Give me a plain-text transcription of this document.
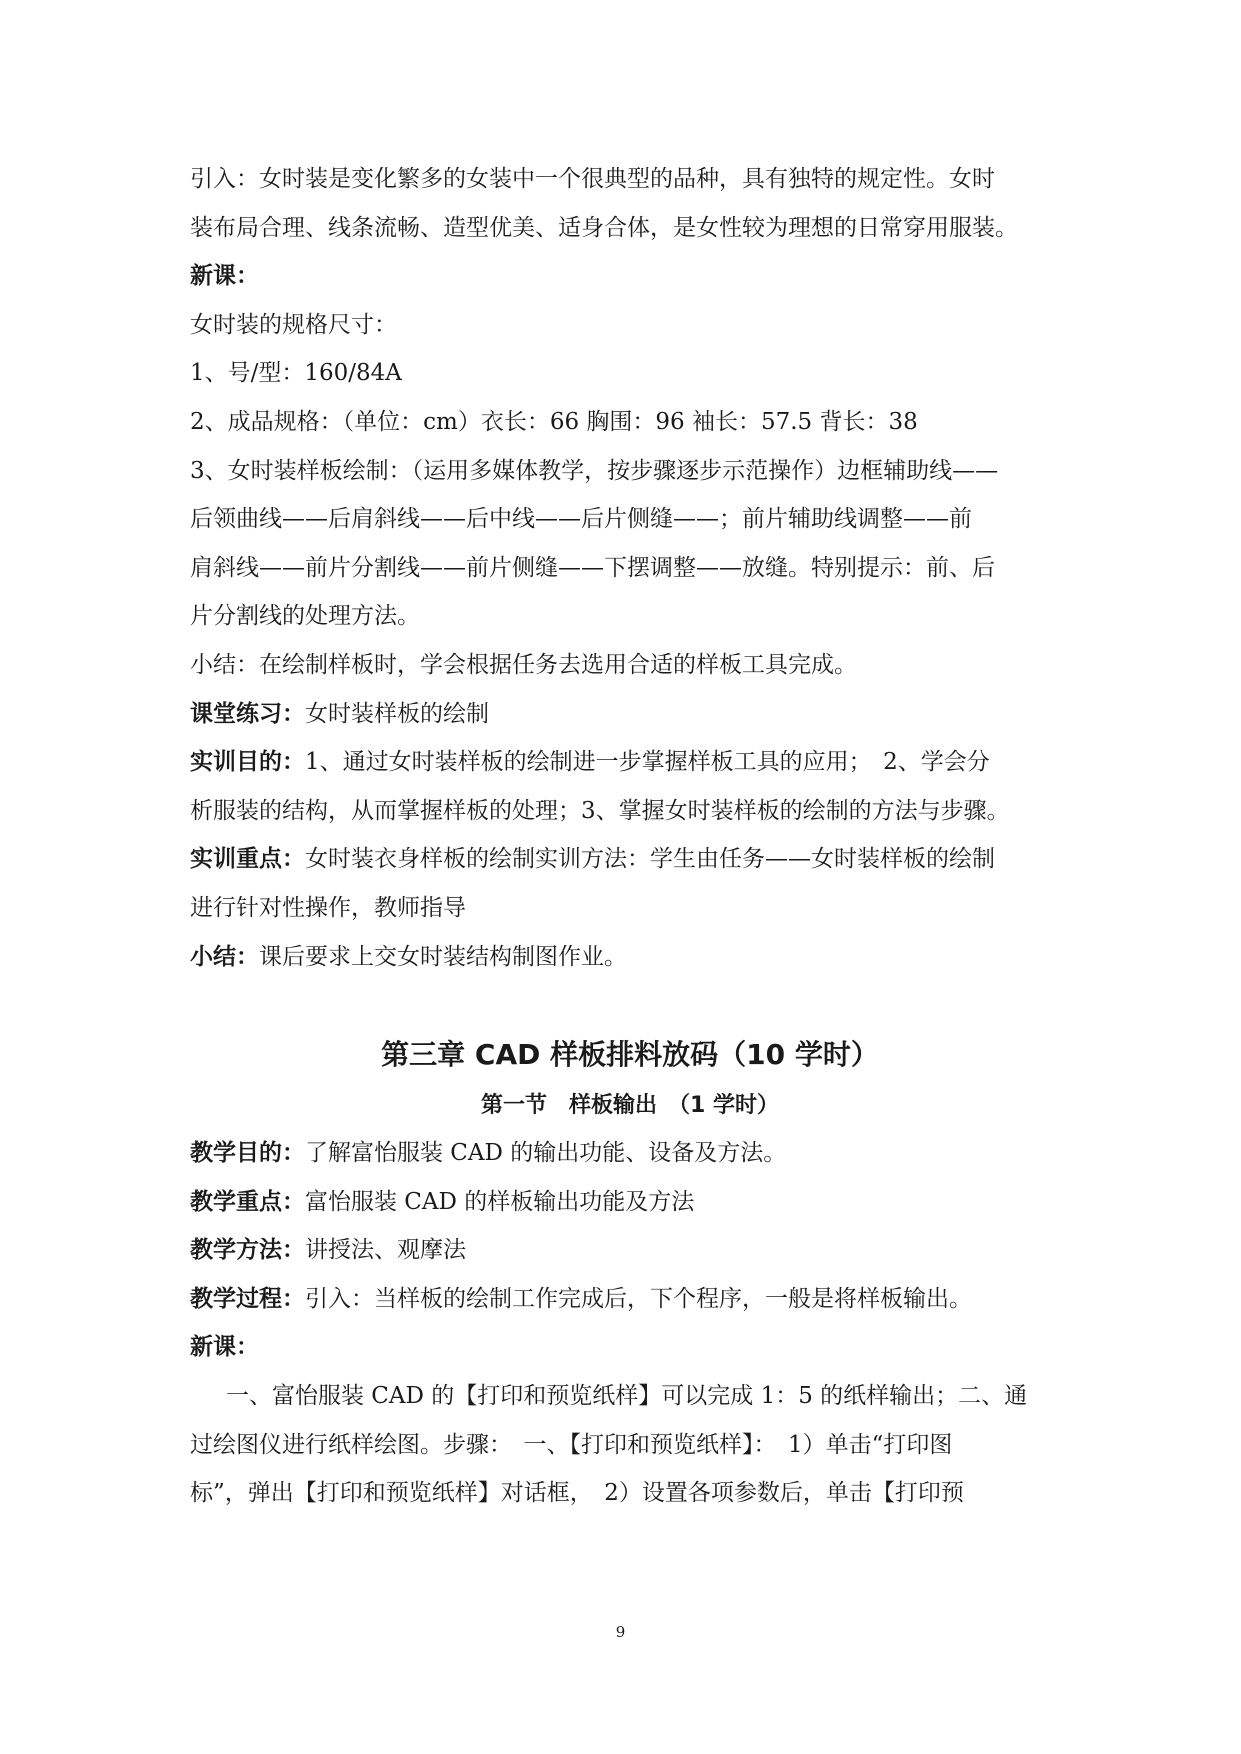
引入：女时装是变化繁多的女装中一个很典型的品种，具有独特的规定性。女时

装布局合理、线条流畅、造型优美、适身合体，是女性较为理想的日常穿用服装。

新课：

女时装的规格尺寸：

1、号/型：160/84A

2、成品规格：（单位：cm）衣长：66 胸围：96 袖长：57.5 背长：38

3、女时装样板绘制：（运用多媒体教学，按步骤逐步示范操作）边框辅助线——

后领曲线——后肩斜线——后中线——后片侧缝——；前片辅助线调整——前

肩斜线——前片分割线——前片侧缝——下摆调整——放缝。特别提示：前、后

片分割线的处理方法。

小结：在绘制样板时，学会根据任务去选用合适的样板工具完成。

课堂练习：女时装样板的绘制

实训目的：1、通过女时装样板的绘制进一步掌握样板工具的应用；　2、学会分

析服装的结构，从而掌握样板的处理；3、掌握女时装样板的绘制的方法与步骤。

实训重点：女时装衣身样板的绘制实训方法：学生由任务——女时装样板的绘制

进行针对性操作，教师指导

小结：课后要求上交女时装结构制图作业。

第三章 CAD 样板排料放码（10 学时）

第一节　样板输出　（1 学时）

教学目的：了解富怡服装 CAD 的输出功能、设备及方法。

教学重点：富怡服装 CAD 的样板输出功能及方法

教学方法：讲授法、观摩法

教学过程：引入：当样板的绘制工作完成后，下个程序，一般是将样板输出。

新课：

一、富怡服装 CAD 的【打印和预览纸样】可以完成 1：5 的纸样输出；二、通

过绘图仪进行纸样绘图。步骤：　一、【打印和预览纸样】：　1）单击“打印图

标”，弹出【打印和预览纸样】对话框，　2）设置各项参数后，单击【打印预

9
